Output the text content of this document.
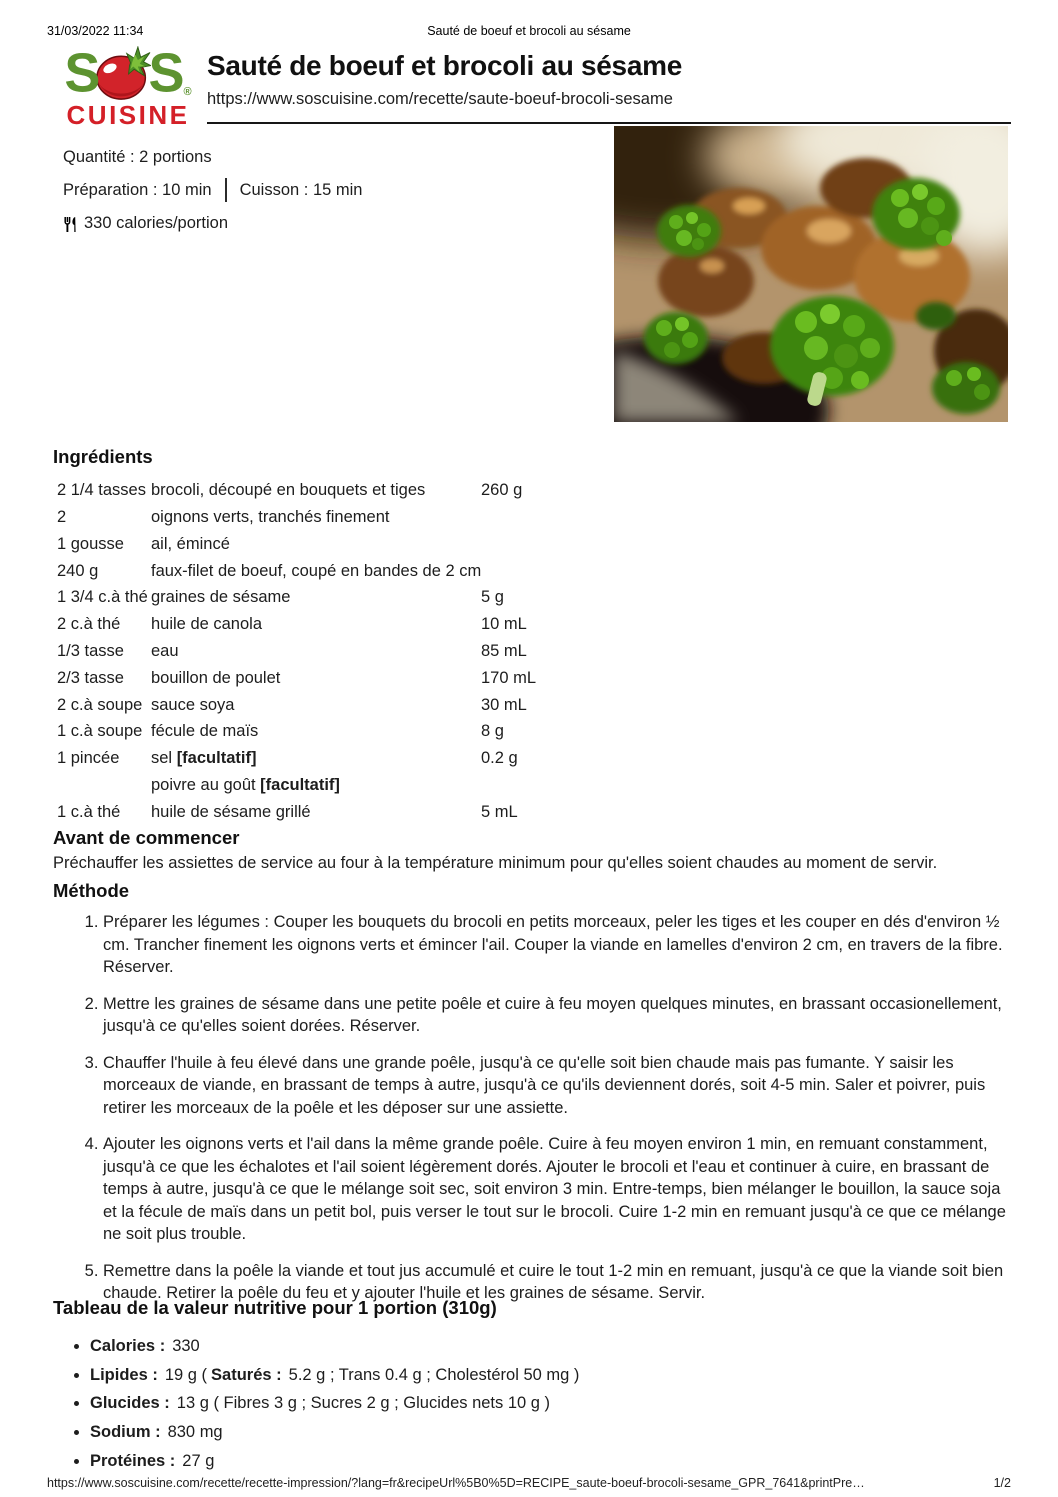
31/03/2022 11:34	Sauté de boeuf et brocoli au sésame
S S ®
CUISINE
Sauté de boeuf et brocoli au sésame
https://www.soscuisine.com/recette/saute-boeuf-brocoli-sesame
Quantité : 2 portions
Préparation : 10 min Cuisson : 15 min
330 calories/portion
Ingrédients
2 1/4 tasses brocoli, découpé en bouquets et tiges	260 g
2	oignons verts, tranchés finement
1 gousse	ail, émincé
240 g	faux-filet de boeuf, coupé en bandes de 2 cm
1 3/4 c.à thé graines de sésame	5 g
2 c.à thé	huile de canola	10 mL
1/3 tasse	eau	85 mL
2/3 tasse	bouillon de poulet	170 mL
2 c.à soupe sauce soya	30 mL
1 c.à soupe fécule de maïs	8 g
1 pincée	sel [facultatif]	0.2 g
poivre au goût [facultatif]
1 c.à thé	huile de sésame grillé	5 mL
Avant de commencer

Préchauffer les assiettes de service au four à la température minimum pour qu'elles soient chaudes au moment de servir.

Méthode
1. Préparer les légumes : Couper les bouquets du brocoli en petits morceaux, peler les tiges et les couper en dés d'environ ½ cm. Trancher finement les oignons verts et émincer l'ail. Couper la viande en lamelles d'environ 2 cm, en travers de la fibre. Réserver.
2. Mettre les graines de sésame dans une petite poêle et cuire à feu moyen quelques minutes, en brassant occasionellement, jusqu'à ce qu'elles soient dorées. Réserver.
3. Chauffer l'huile à feu élevé dans une grande poêle, jusqu'à ce qu'elle soit bien chaude mais pas fumante. Y saisir les morceaux de viande, en brassant de temps à autre, jusqu'à ce qu'ils deviennent dorés, soit 4-5 min. Saler et poivrer, puis retirer les morceaux de la poêle et les déposer sur une assiette.
4. Ajouter les oignons verts et l'ail dans la même grande poêle. Cuire à feu moyen environ 1 min, en remuant constamment, jusqu'à ce que les échalotes et l'ail soient légèrement dorés. Ajouter le brocoli et l'eau et continuer à cuire, en brassant de temps à autre, jusqu'à ce que le mélange soit sec, soit environ 3 min. Entre-temps, bien mélanger le bouillon, la sauce soja et la fécule de maïs dans un petit bol, puis verser le tout sur le brocoli. Cuire 1-2 min en remuant jusqu'à ce que ce mélange ne soit plus trouble.
5. Remettre dans la poêle la viande et tout jus accumulé et cuire le tout 1-2 min en remuant, jusqu'à ce que la viande soit bien chaude. Retirer la poêle du feu et y ajouter l'huile et les graines de sésame. Servir.
Tableau de la valeur nutritive pour 1 portion (310g)
• Calories : 330
• Lipides : 19 g ( Saturés : 5.2 g ; Trans 0.4 g ; Cholestérol 50 mg )
• Glucides : 13 g ( Fibres 3 g ; Sucres 2 g ; Glucides nets 10 g )
• Sodium : 830 mg
• Protéines : 27 g
https://www.soscuisine.com/recette/recette-impression/?lang=fr&recipeUrl%5B0%5D=RECIPE_saute-boeuf-brocoli-sesame_GPR_7641&printPre…	1/2
